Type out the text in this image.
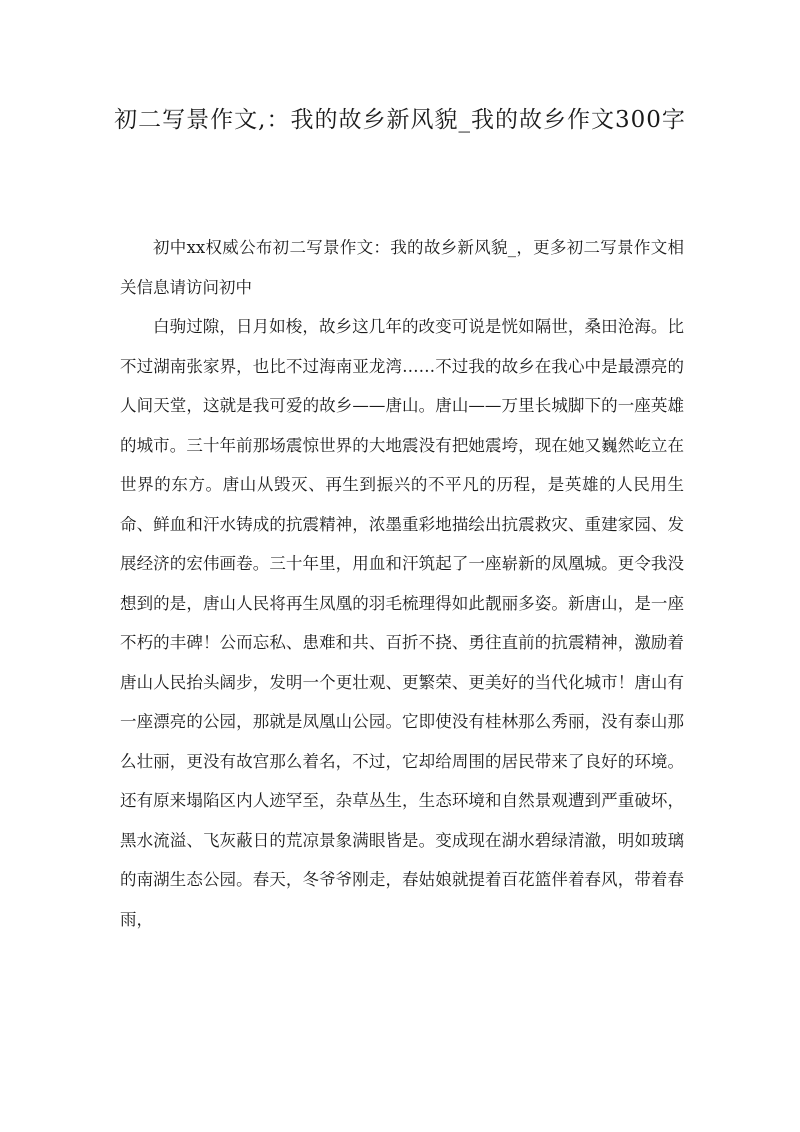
初二写景作文,：我的故乡新风貌_我的故乡作文300字

初中xx权威公布初二写景作文：我的故乡新风貌_，更多初二写景作文相关信息请访问初中

白驹过隙，日月如梭，故乡这几年的改变可说是恍如隔世，桑田沧海。比不过湖南张家界，也比不过海南亚龙湾……不过我的故乡在我心中是最漂亮的人间天堂，这就是我可爱的故乡——唐山。唐山——万里长城脚下的一座英雄的城市。三十年前那场震惊世界的大地震没有把她震垮，现在她又巍然屹立在世界的东方。唐山从毁灭、再生到振兴的不平凡的历程，是英雄的人民用生命、鲜血和汗水铸成的抗震精神，浓墨重彩地描绘出抗震救灾、重建家园、发展经济的宏伟画卷。三十年里，用血和汗筑起了一座崭新的凤凰城。更令我没想到的是，唐山人民将再生凤凰的羽毛梳理得如此靓丽多姿。新唐山，是一座不朽的丰碑！公而忘私、患难和共、百折不挠、勇往直前的抗震精神，激励着唐山人民抬头阔步，发明一个更壮观、更繁荣、更美好的当代化城市！唐山有一座漂亮的公园，那就是凤凰山公园。它即使没有桂林那么秀丽，没有泰山那么壮丽，更没有故宫那么着名，不过，它却给周围的居民带来了良好的环境。还有原来塌陷区内人迹罕至，杂草丛生，生态环境和自然景观遭到严重破坏，黑水流溢、飞灰蔽日的荒凉景象满眼皆是。变成现在湖水碧绿清澈，明如玻璃的南湖生态公园。春天，冬爷爷刚走，春姑娘就提着百花篮伴着春风，带着春雨，
